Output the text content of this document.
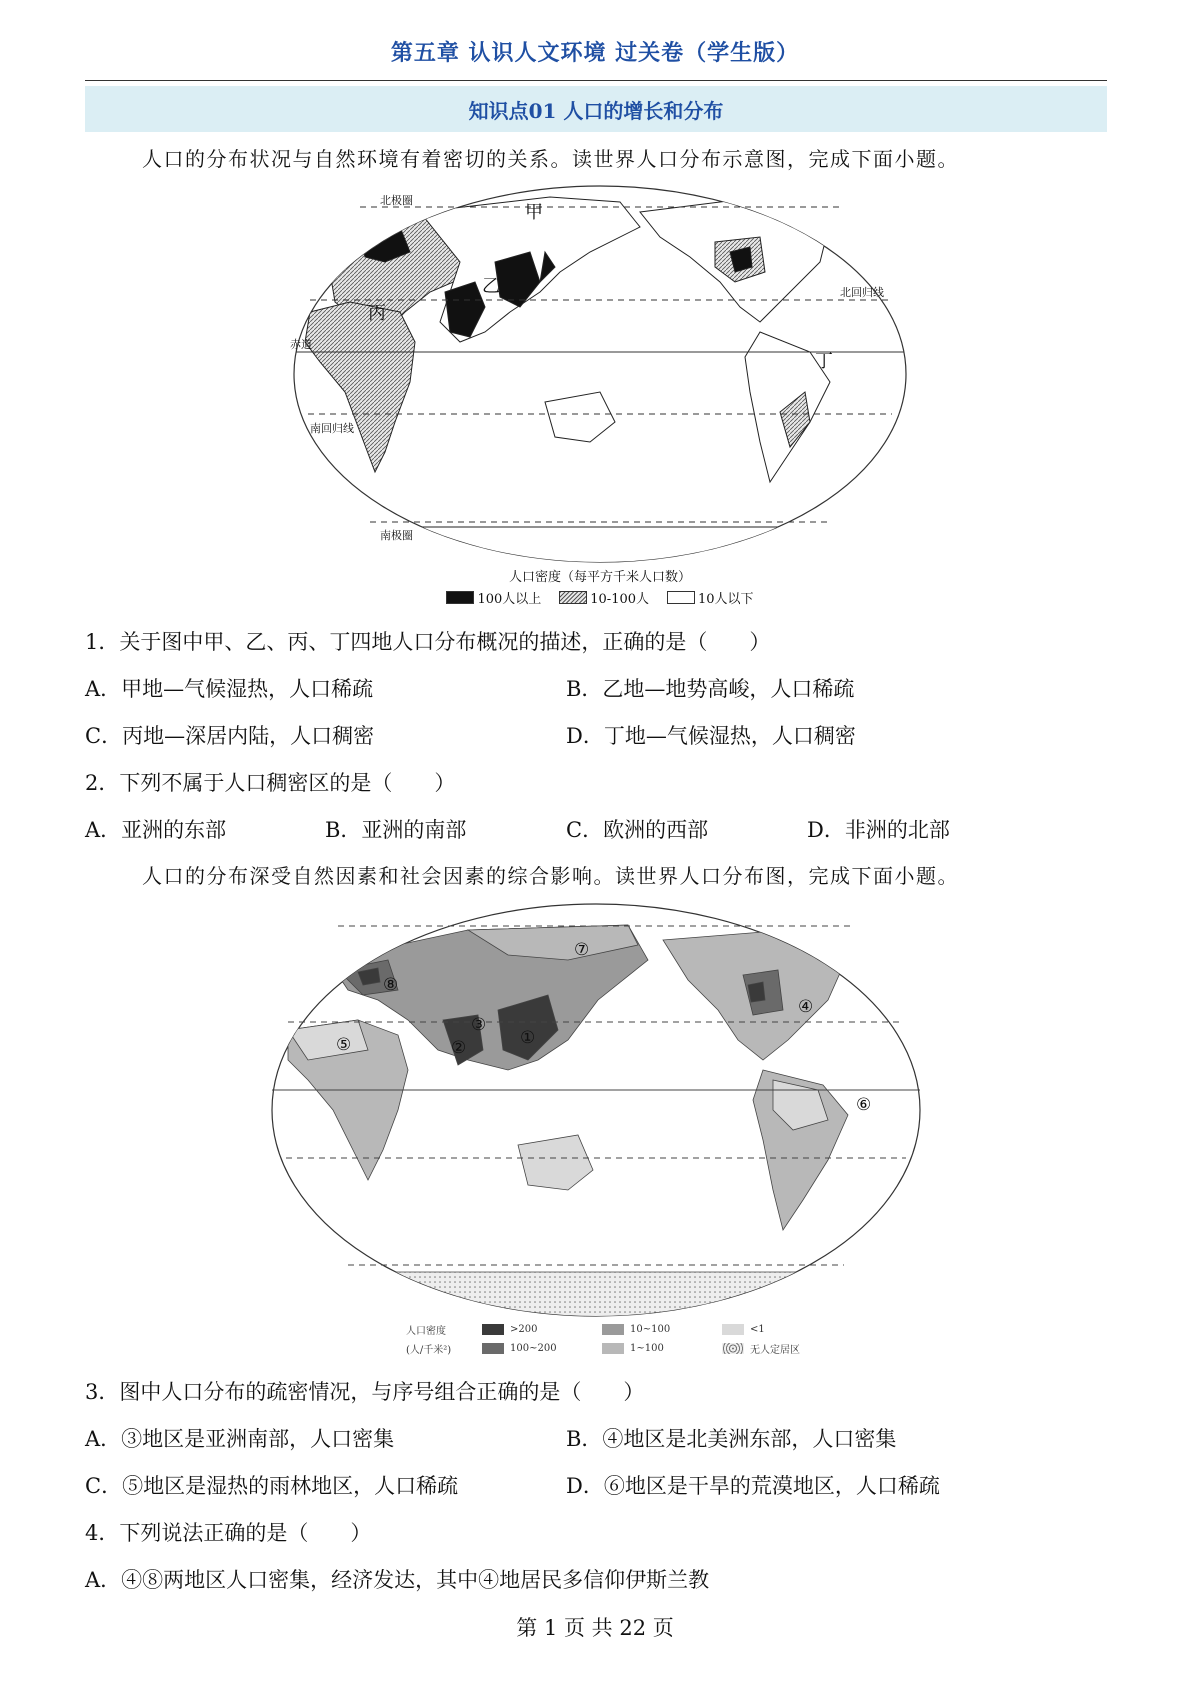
第五章 认识人文环境 过关卷（学生版）
知识点01 人口的增长和分布
人口的分布状况与自然环境有着密切的关系。读世界人口分布示意图，完成下面小题。
北极圈
赤道
北回归线
南回归线
南极圈
甲
乙
丙
丁
人口密度（每平方千米人口数）
100人以上	10-100人	10人以下
1．关于图中甲、乙、丙、丁四地人口分布概况的描述，正确的是（　　）
A．甲地—气候湿热，人口稀疏	B．乙地—地势高峻，人口稀疏
C．丙地—深居内陆，人口稠密	D．丁地—气候湿热，人口稠密
2．下列不属于人口稠密区的是（　　）
A．亚洲的东部	B．亚洲的南部	C．欧洲的西部	D．非洲的北部
人口的分布深受自然因素和社会因素的综合影响。读世界人口分布图，完成下面小题。
①
②
③
④
⑤
⑥
⑦
⑧
人口密度	>200	10~100	<1
(人/千米²)	100~200	1~100	无人定居区
3．图中人口分布的疏密情况，与序号组合正确的是（　　）
A．③地区是亚洲南部，人口密集	B．④地区是北美洲东部，人口密集
C．⑤地区是湿热的雨林地区，人口稀疏	D．⑥地区是干旱的荒漠地区，人口稀疏
4．下列说法正确的是（　　）
A．④⑧两地区人口密集，经济发达，其中④地居民多信仰伊斯兰教
第 1 页 共 22 页
